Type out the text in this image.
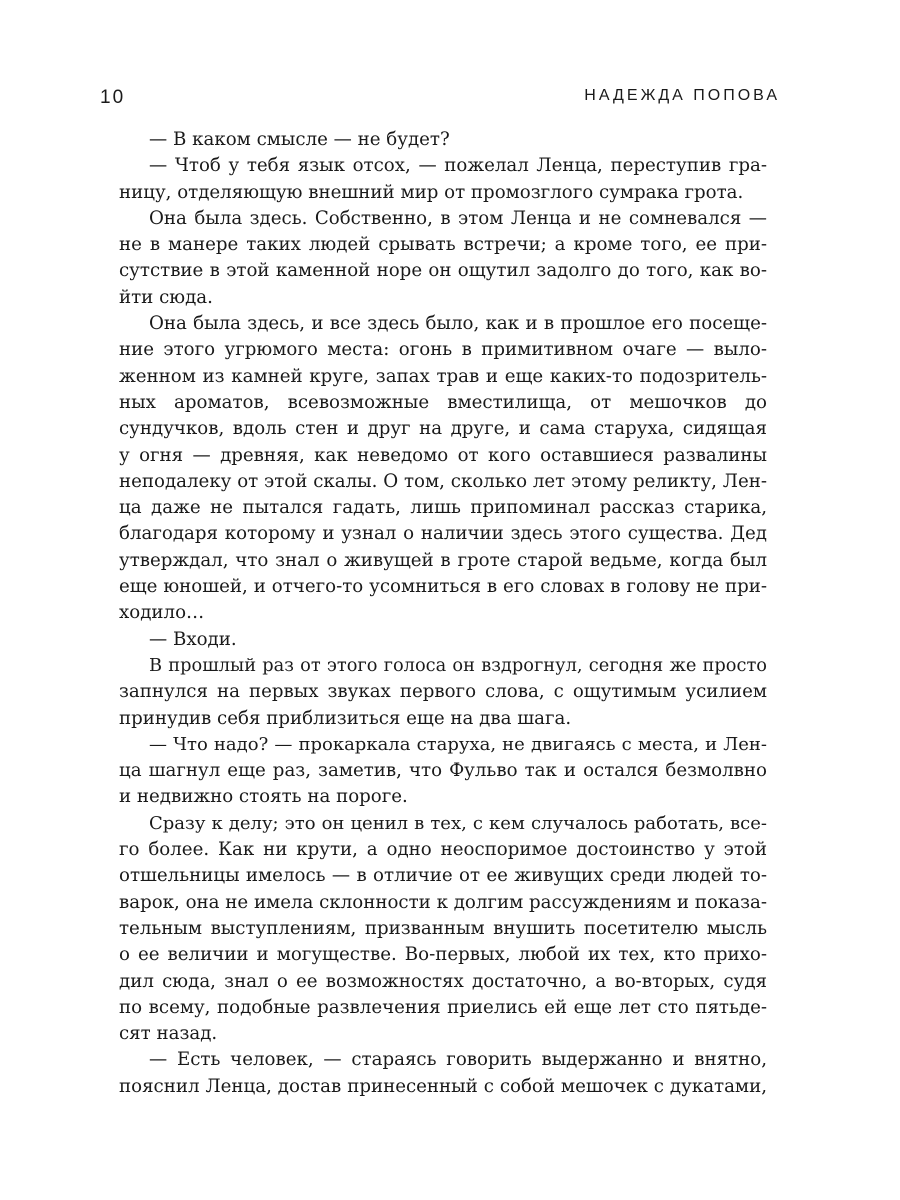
10	НАДЕЖДА ПОПОВА
— В каком смысле — не будет?
— Чтоб у тебя язык отсох, — пожелал Ленца, переступив гра-
ницу, отделяющую внешний мир от промозглого сумрака грота.
Она была здесь. Собственно, в этом Ленца и не сомневался —
не в манере таких людей срывать встречи; а кроме того, ее при-
сутствие в этой каменной норе он ощутил задолго до того, как во-
йти сюда.
Она была здесь, и все здесь было, как и в прошлое его посеще-
ние этого угрюмого места: огонь в примитивном очаге — выло-
женном из камней круге, запах трав и еще каких-то подозритель-
ных ароматов, всевозможные вместилища, от мешочков до
сундучков, вдоль стен и друг на друге, и сама старуха, сидящая
у огня — древняя, как неведомо от кого оставшиеся развалины
неподалеку от этой скалы. О том, сколько лет этому реликту, Лен-
ца даже не пытался гадать, лишь припоминал рассказ старика,
благодаря которому и узнал о наличии здесь этого существа. Дед
утверждал, что знал о живущей в гроте старой ведьме, когда был
еще юношей, и отчего-то усомниться в его словах в голову не при-
ходило…
— Входи.
В прошлый раз от этого голоса он вздрогнул, сегодня же просто
запнулся на первых звуках первого слова, с ощутимым усилием
принудив себя приблизиться еще на два шага.
— Что надо? — прокаркала старуха, не двигаясь с места, и Лен-
ца шагнул еще раз, заметив, что Фульво так и остался безмолвно
и недвижно стоять на пороге.
Сразу к делу; это он ценил в тех, с кем случалось работать, все-
го более. Как ни крути, а одно неоспоримое достоинство у этой
отшельницы имелось — в отличие от ее живущих среди людей то-
варок, она не имела склонности к долгим рассуждениям и показа-
тельным выступлениям, призванным внушить посетителю мысль
о ее величии и могуществе. Во-первых, любой их тех, кто прихо-
дил сюда, знал о ее возможностях достаточно, а во-вторых, судя
по всему, подобные развлечения приелись ей еще лет сто пятьде-
сят назад.
— Есть человек, — стараясь говорить выдержанно и внятно,
пояснил Ленца, достав принесенный с собой мешочек с дукатами,
